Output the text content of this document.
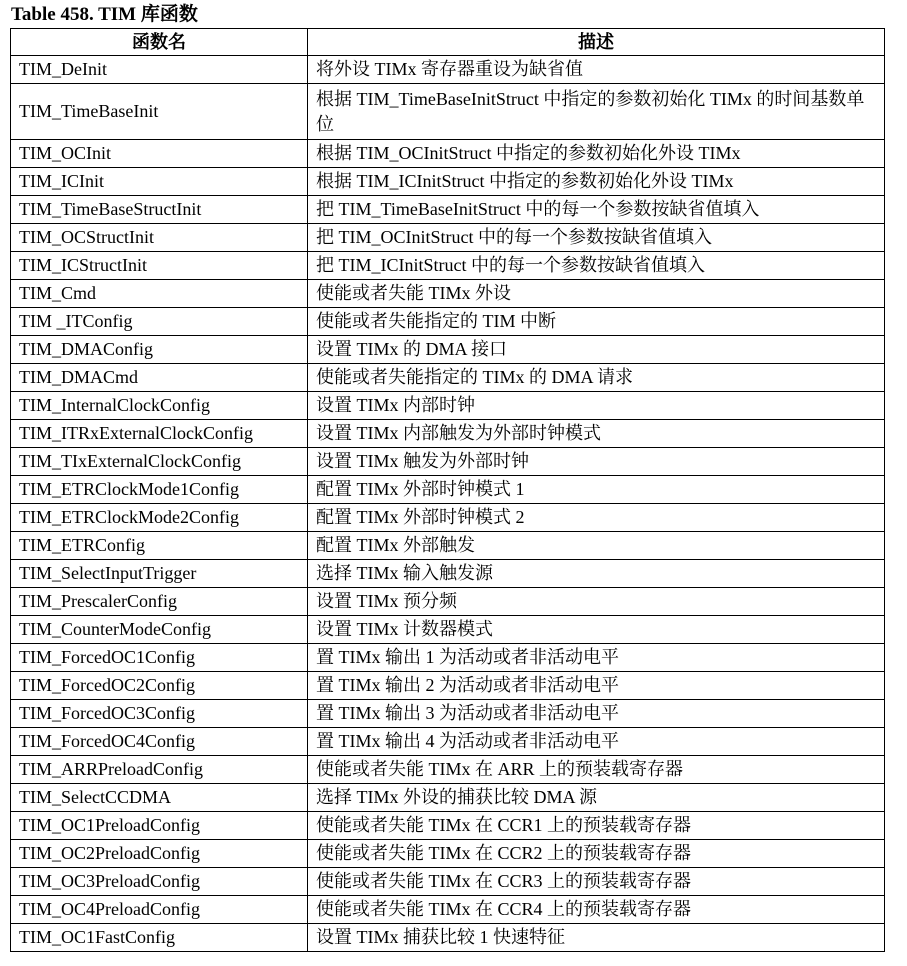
Table 458. TIM 库函数
函数名	描述
TIM_DeInit	将外设 TIMx 寄存器重设为缺省值
TIM_TimeBaseInit	根据 TIM_TimeBaseInitStruct 中指定的参数初始化 TIMx 的时间基数单位
TIM_OCInit	根据 TIM_OCInitStruct 中指定的参数初始化外设 TIMx
TIM_ICInit	根据 TIM_ICInitStruct 中指定的参数初始化外设 TIMx
TIM_TimeBaseStructInit	把 TIM_TimeBaseInitStruct 中的每一个参数按缺省值填入
TIM_OCStructInit	把 TIM_OCInitStruct 中的每一个参数按缺省值填入
TIM_ICStructInit	把 TIM_ICInitStruct 中的每一个参数按缺省值填入
TIM_Cmd	使能或者失能 TIMx 外设
TIM _ITConfig	使能或者失能指定的 TIM 中断
TIM_DMAConfig	设置 TIMx 的 DMA 接口
TIM_DMACmd	使能或者失能指定的 TIMx 的 DMA 请求
TIM_InternalClockConfig	设置 TIMx 内部时钟
TIM_ITRxExternalClockConfig	设置 TIMx 内部触发为外部时钟模式
TIM_TIxExternalClockConfig	设置 TIMx 触发为外部时钟
TIM_ETRClockMode1Config	配置 TIMx 外部时钟模式 1
TIM_ETRClockMode2Config	配置 TIMx 外部时钟模式 2
TIM_ETRConfig	配置 TIMx 外部触发
TIM_SelectInputTrigger	选择 TIMx 输入触发源
TIM_PrescalerConfig	设置 TIMx 预分频
TIM_CounterModeConfig	设置 TIMx 计数器模式
TIM_ForcedOC1Config	置 TIMx 输出 1 为活动或者非活动电平
TIM_ForcedOC2Config	置 TIMx 输出 2 为活动或者非活动电平
TIM_ForcedOC3Config	置 TIMx 输出 3 为活动或者非活动电平
TIM_ForcedOC4Config	置 TIMx 输出 4 为活动或者非活动电平
TIM_ARRPreloadConfig	使能或者失能 TIMx 在 ARR 上的预装载寄存器
TIM_SelectCCDMA	选择 TIMx 外设的捕获比较 DMA 源
TIM_OC1PreloadConfig	使能或者失能 TIMx 在 CCR1 上的预装载寄存器
TIM_OC2PreloadConfig	使能或者失能 TIMx 在 CCR2 上的预装载寄存器
TIM_OC3PreloadConfig	使能或者失能 TIMx 在 CCR3 上的预装载寄存器
TIM_OC4PreloadConfig	使能或者失能 TIMx 在 CCR4 上的预装载寄存器
TIM_OC1FastConfig	设置 TIMx 捕获比较 1 快速特征
